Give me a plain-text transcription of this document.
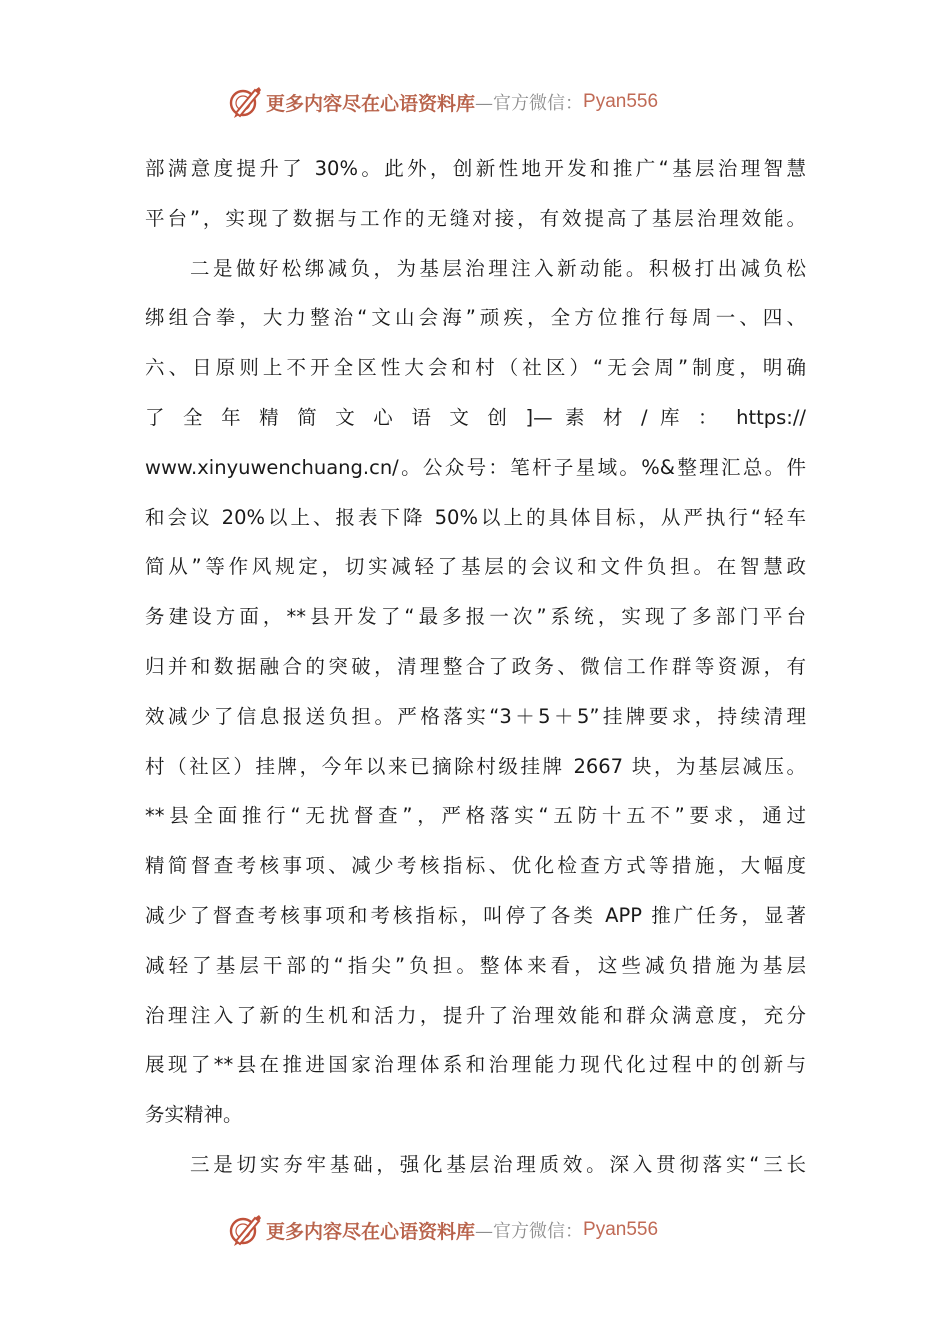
更多内容尽在心语资料库 —官方微信： Pyan556
部满意度提升了 30%。此外，创新性地开发和推广“基层治理智慧
平台”，实现了数据与工作的无缝对接，有效提高了基层治理效能。
二是做好松绑减负，为基层治理注入新动能。积极打出减负松
绑组合拳，大力整治“文山会海”顽疾，全方位推行每周一、四、
六、日原则上不开全区性大会和村（社区）“无会周”制度，明确
了 全 年 精 简 文 心 语 文 创 ]— 素 材 / 库 ： https://
www.xinyuwenchuang.cn/。公众号：笔杆子星域。%&整理汇总。件
和会议 20%以上、报表下降 50%以上的具体目标，从严执行“轻车
简从”等作风规定，切实减轻了基层的会议和文件负担。在智慧政
务建设方面，**县开发了“最多报一次”系统，实现了多部门平台
归并和数据融合的突破，清理整合了政务、微信工作群等资源，有
效减少了信息报送负担。严格落实“3＋5＋5”挂牌要求，持续清理
村（社区）挂牌，今年以来已摘除村级挂牌 2667 块，为基层减压。
**县全面推行“无扰督查”，严格落实“五防十五不”要求，通过
精简督查考核事项、减少考核指标、优化检查方式等措施，大幅度
减少了督查考核事项和考核指标，叫停了各类 APP 推广任务，显著
减轻了基层干部的“指尖”负担。整体来看，这些减负措施为基层
治理注入了新的生机和活力，提升了治理效能和群众满意度，充分
展现了**县在推进国家治理体系和治理能力现代化过程中的创新与
务实精神。
三是切实夯牢基础，强化基层治理质效。深入贯彻落实“三长
更多内容尽在心语资料库 —官方微信： Pyan556
